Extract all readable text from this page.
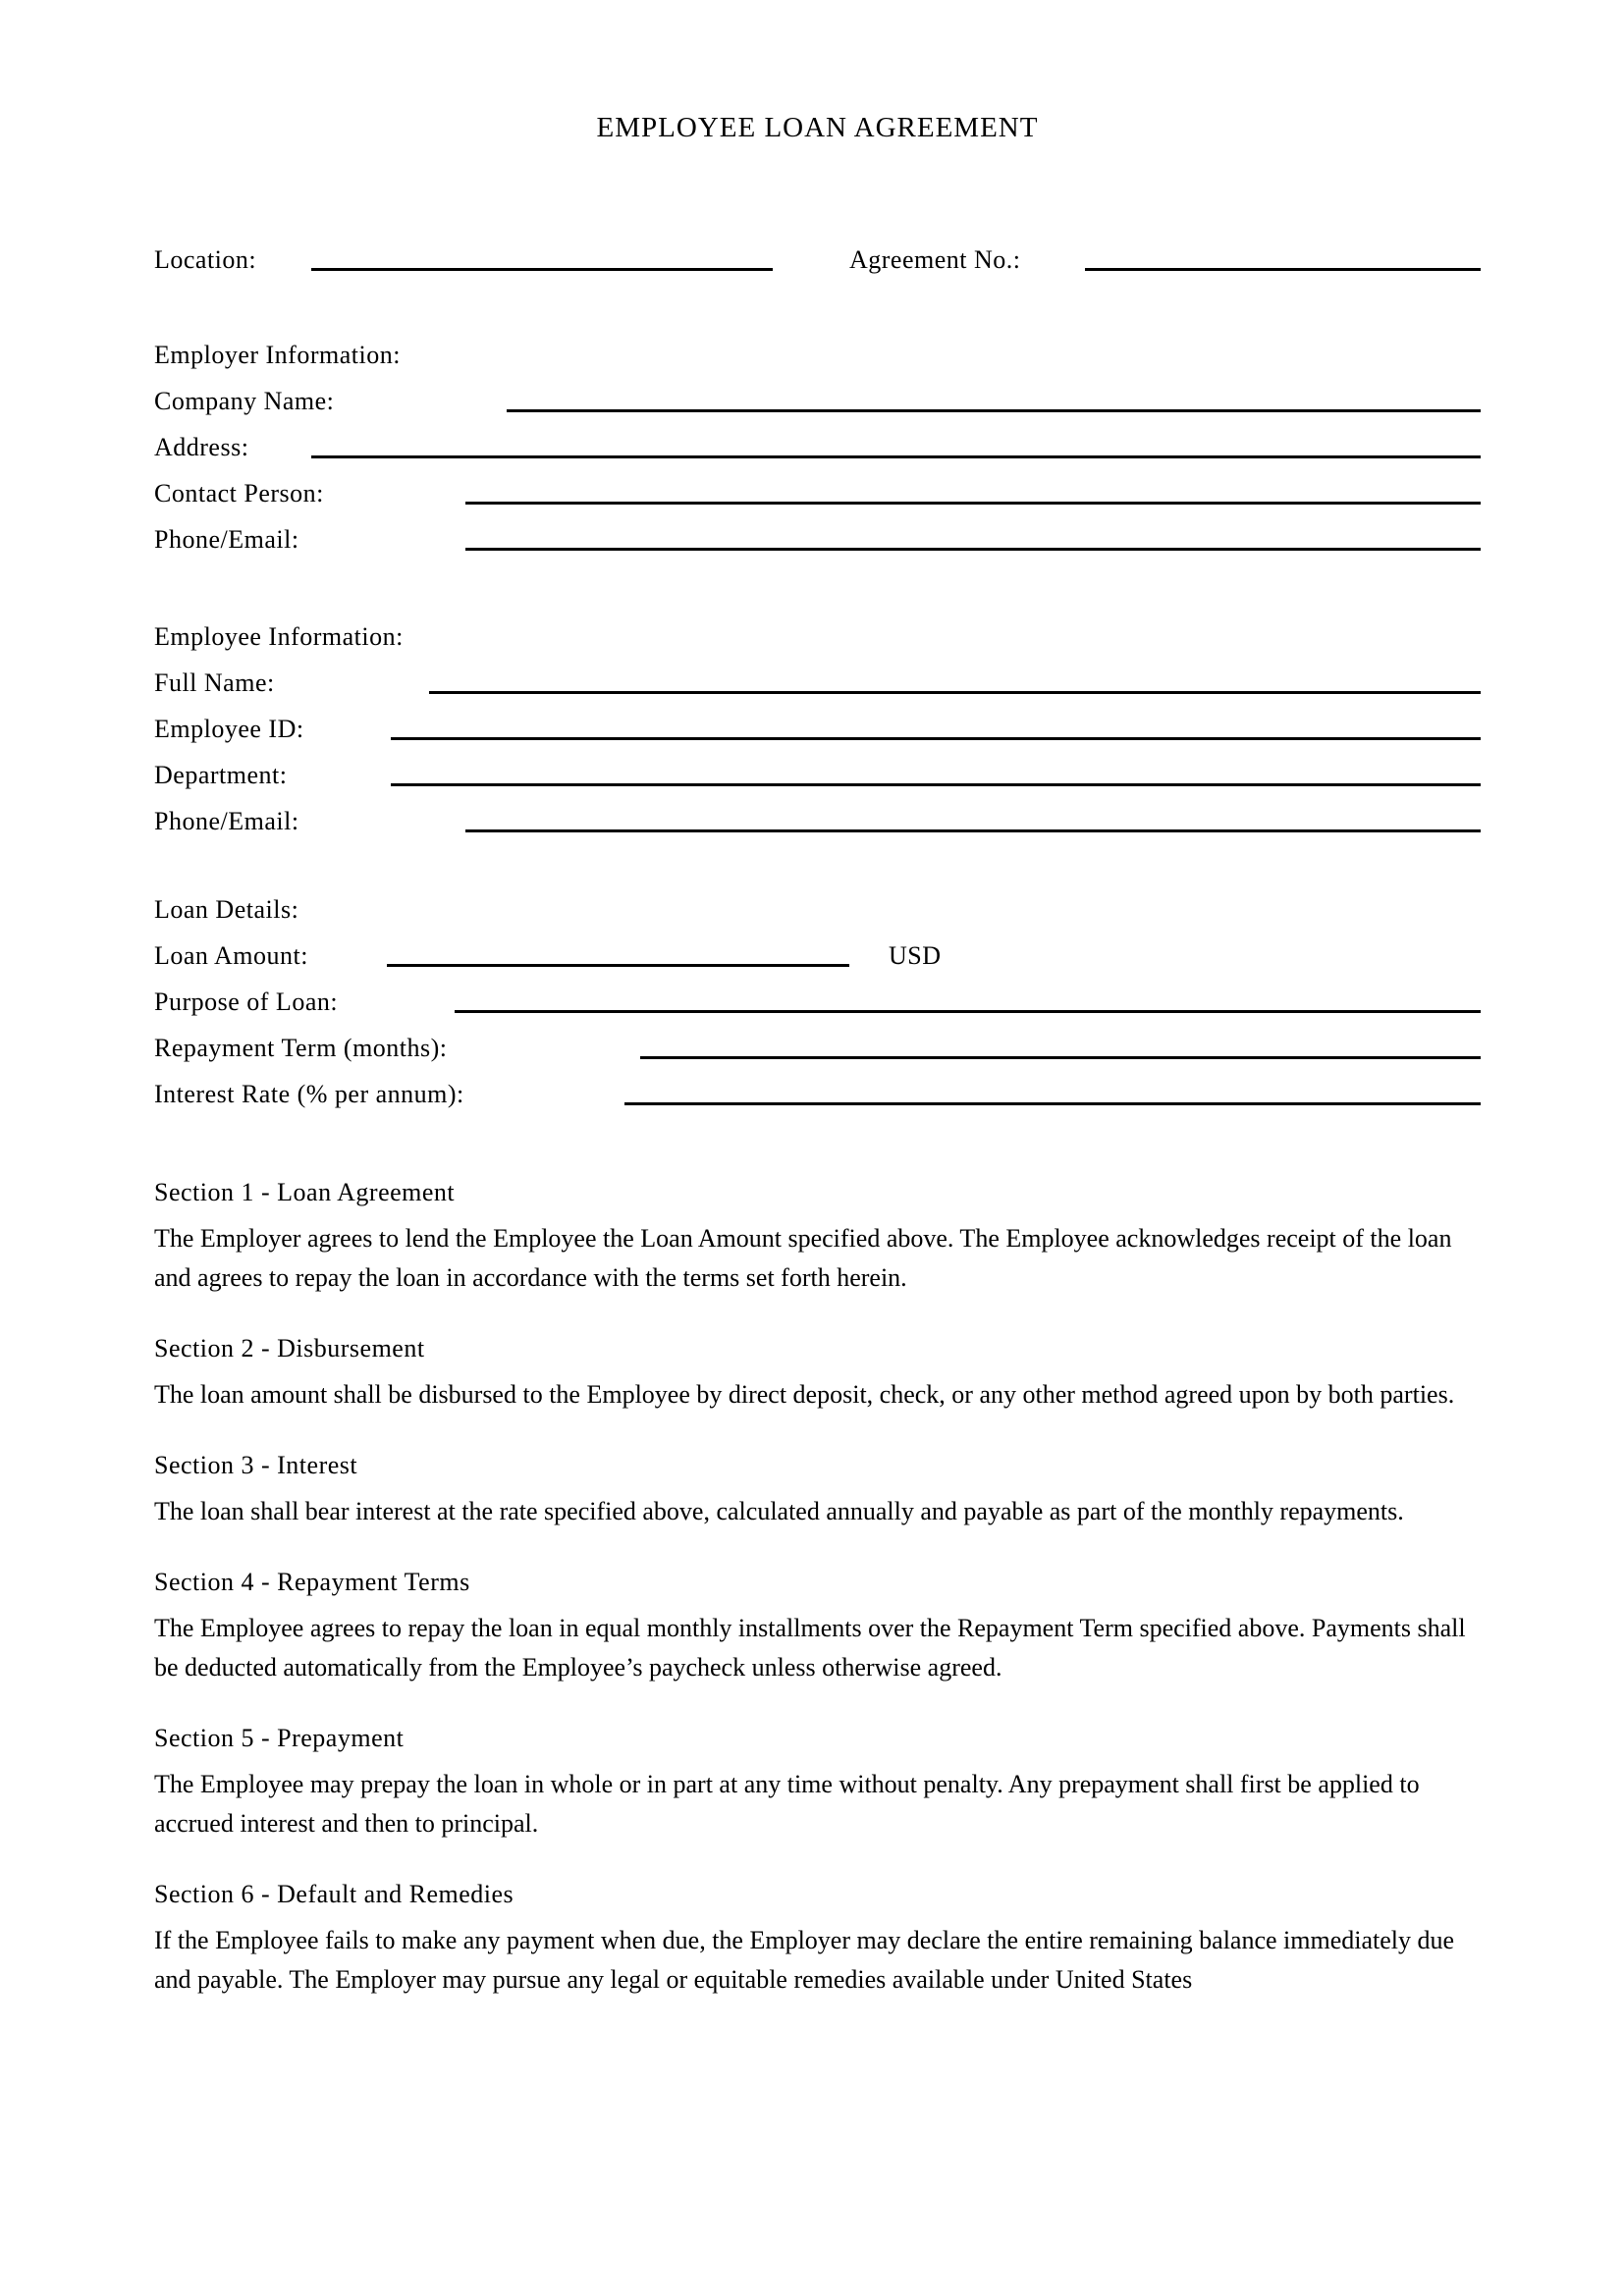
EMPLOYEE LOAN AGREEMENT
Location:	Agreement No.:
Employer Information:
Company Name:
Address:
Contact Person:
Phone/Email:
Employee Information:
Full Name:
Employee ID:
Department:
Phone/Email:
Loan Details:
Loan Amount:	USD
Purpose of Loan:
Repayment Term (months):
Interest Rate (% per annum):
Section 1 - Loan Agreement
The Employer agrees to lend the Employee the Loan Amount specified above. The Employee acknowledges receipt of the loan and agrees to repay the loan in accordance with the terms set forth herein.
Section 2 - Disbursement
The loan amount shall be disbursed to the Employee by direct deposit, check, or any other method agreed upon by both parties.
Section 3 - Interest
The loan shall bear interest at the rate specified above, calculated annually and payable as part of the monthly repayments.
Section 4 - Repayment Terms
The Employee agrees to repay the loan in equal monthly installments over the Repayment Term specified above. Payments shall be deducted automatically from the Employee’s paycheck unless otherwise agreed.
Section 5 - Prepayment
The Employee may prepay the loan in whole or in part at any time without penalty. Any prepayment shall first be applied to accrued interest and then to principal.
Section 6 - Default and Remedies
If the Employee fails to make any payment when due, the Employer may declare the entire remaining balance immediately due and payable. The Employer may pursue any legal or equitable remedies available under United States
